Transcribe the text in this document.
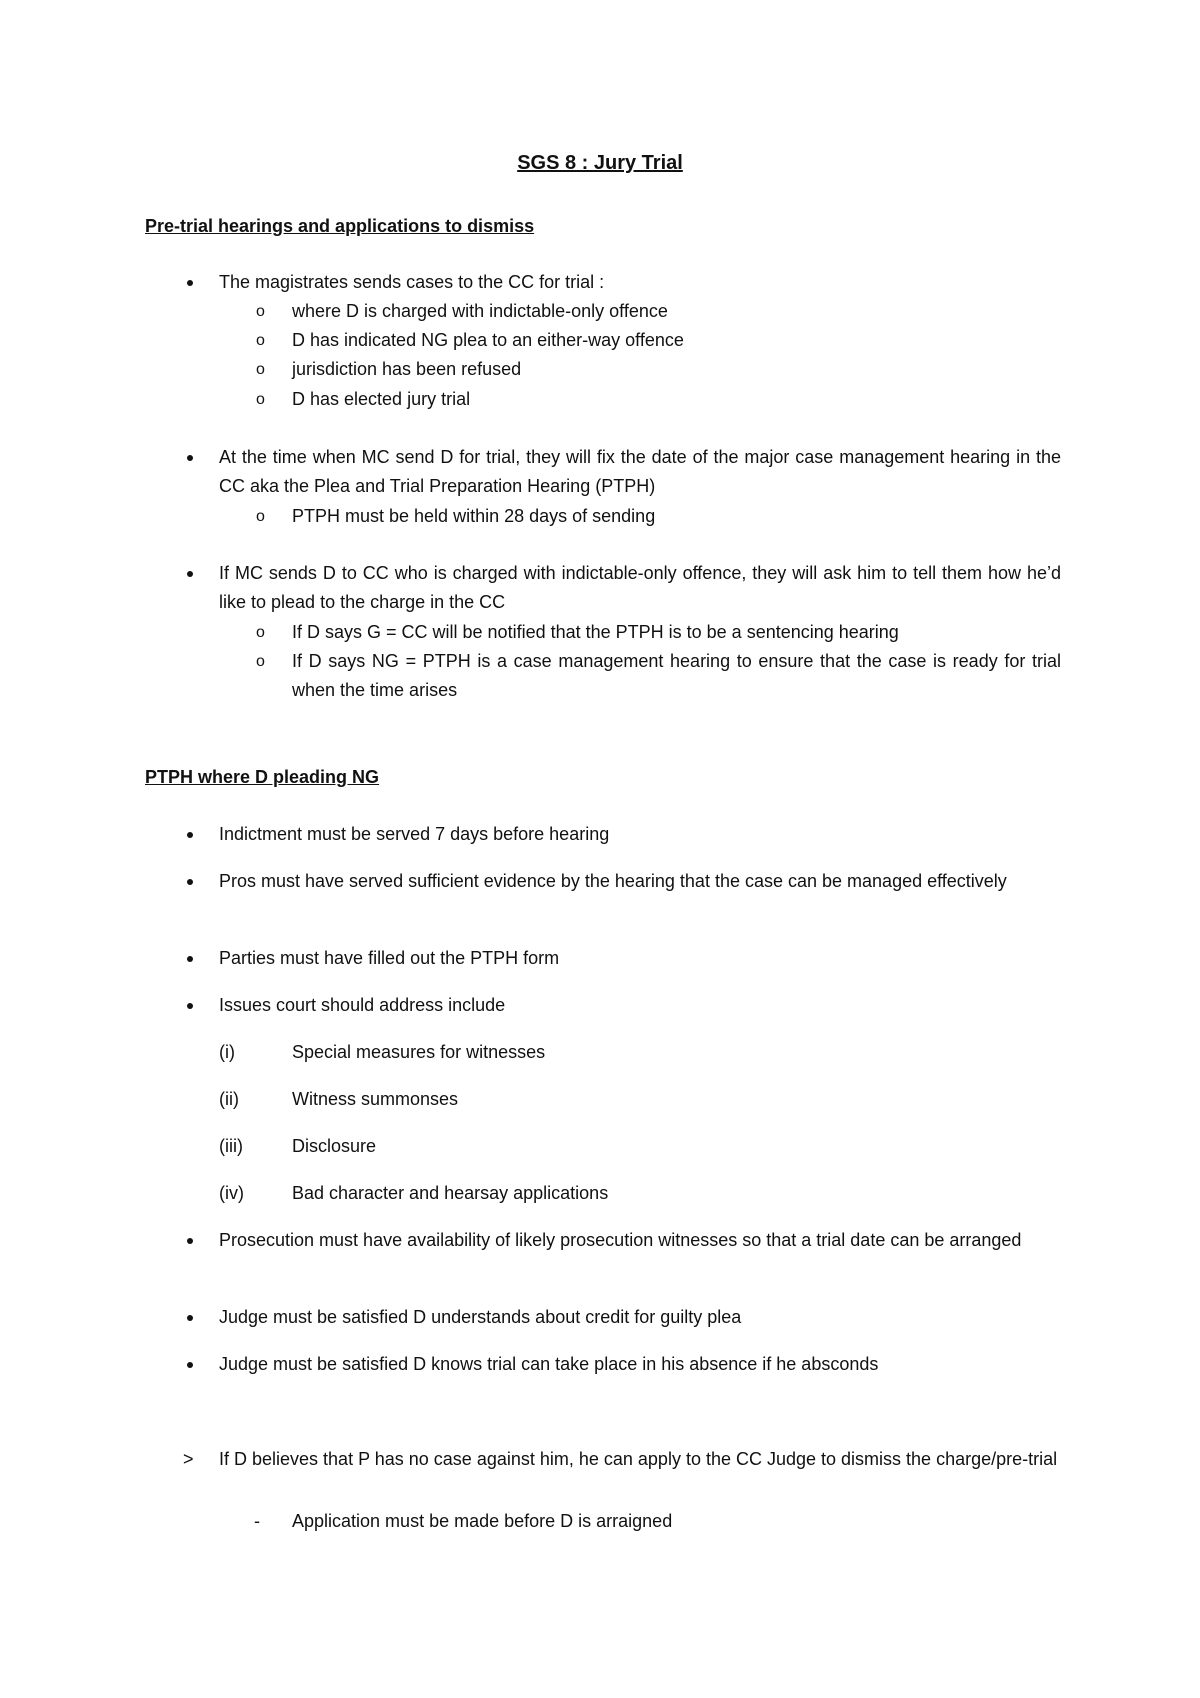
SGS 8 : Jury Trial
Pre-trial hearings and applications to dismiss
The magistrates sends cases to the CC for trial :
o where D is charged with indictable-only offence
o D has indicated NG plea to an either-way offence
o jurisdiction has been refused
o D has elected jury trial
At the time when MC send D for trial, they will fix the date of the major case management hearing in the CC aka the Plea and Trial Preparation Hearing (PTPH)
o PTPH must be held within 28 days of sending
If MC sends D to CC who is charged with indictable-only offence, they will ask him to tell them how he’d like to plead to the charge in the CC
o If D says G = CC will be notified that the PTPH is to be a sentencing hearing
o If D says NG = PTPH is a case management hearing to ensure that the case is ready for trial when the time arises
PTPH where D pleading NG
Indictment must be served 7 days before hearing
Pros must have served sufficient evidence by the hearing that the case can be managed effectively
Parties must have filled out the PTPH form
Issues court should address include
(i)	Special measures for witnesses
(ii)	Witness summonses
(iii)	Disclosure
(iv)	Bad character and hearsay applications
Prosecution must have availability of likely prosecution witnesses so that a trial date can be arranged
Judge must be satisfied D understands about credit for guilty plea
Judge must be satisfied D knows trial can take place in his absence if he absconds
> If D believes that P has no case against him, he can apply to the CC Judge to dismiss the charge/pre-trial
- Application must be made before D is arraigned
